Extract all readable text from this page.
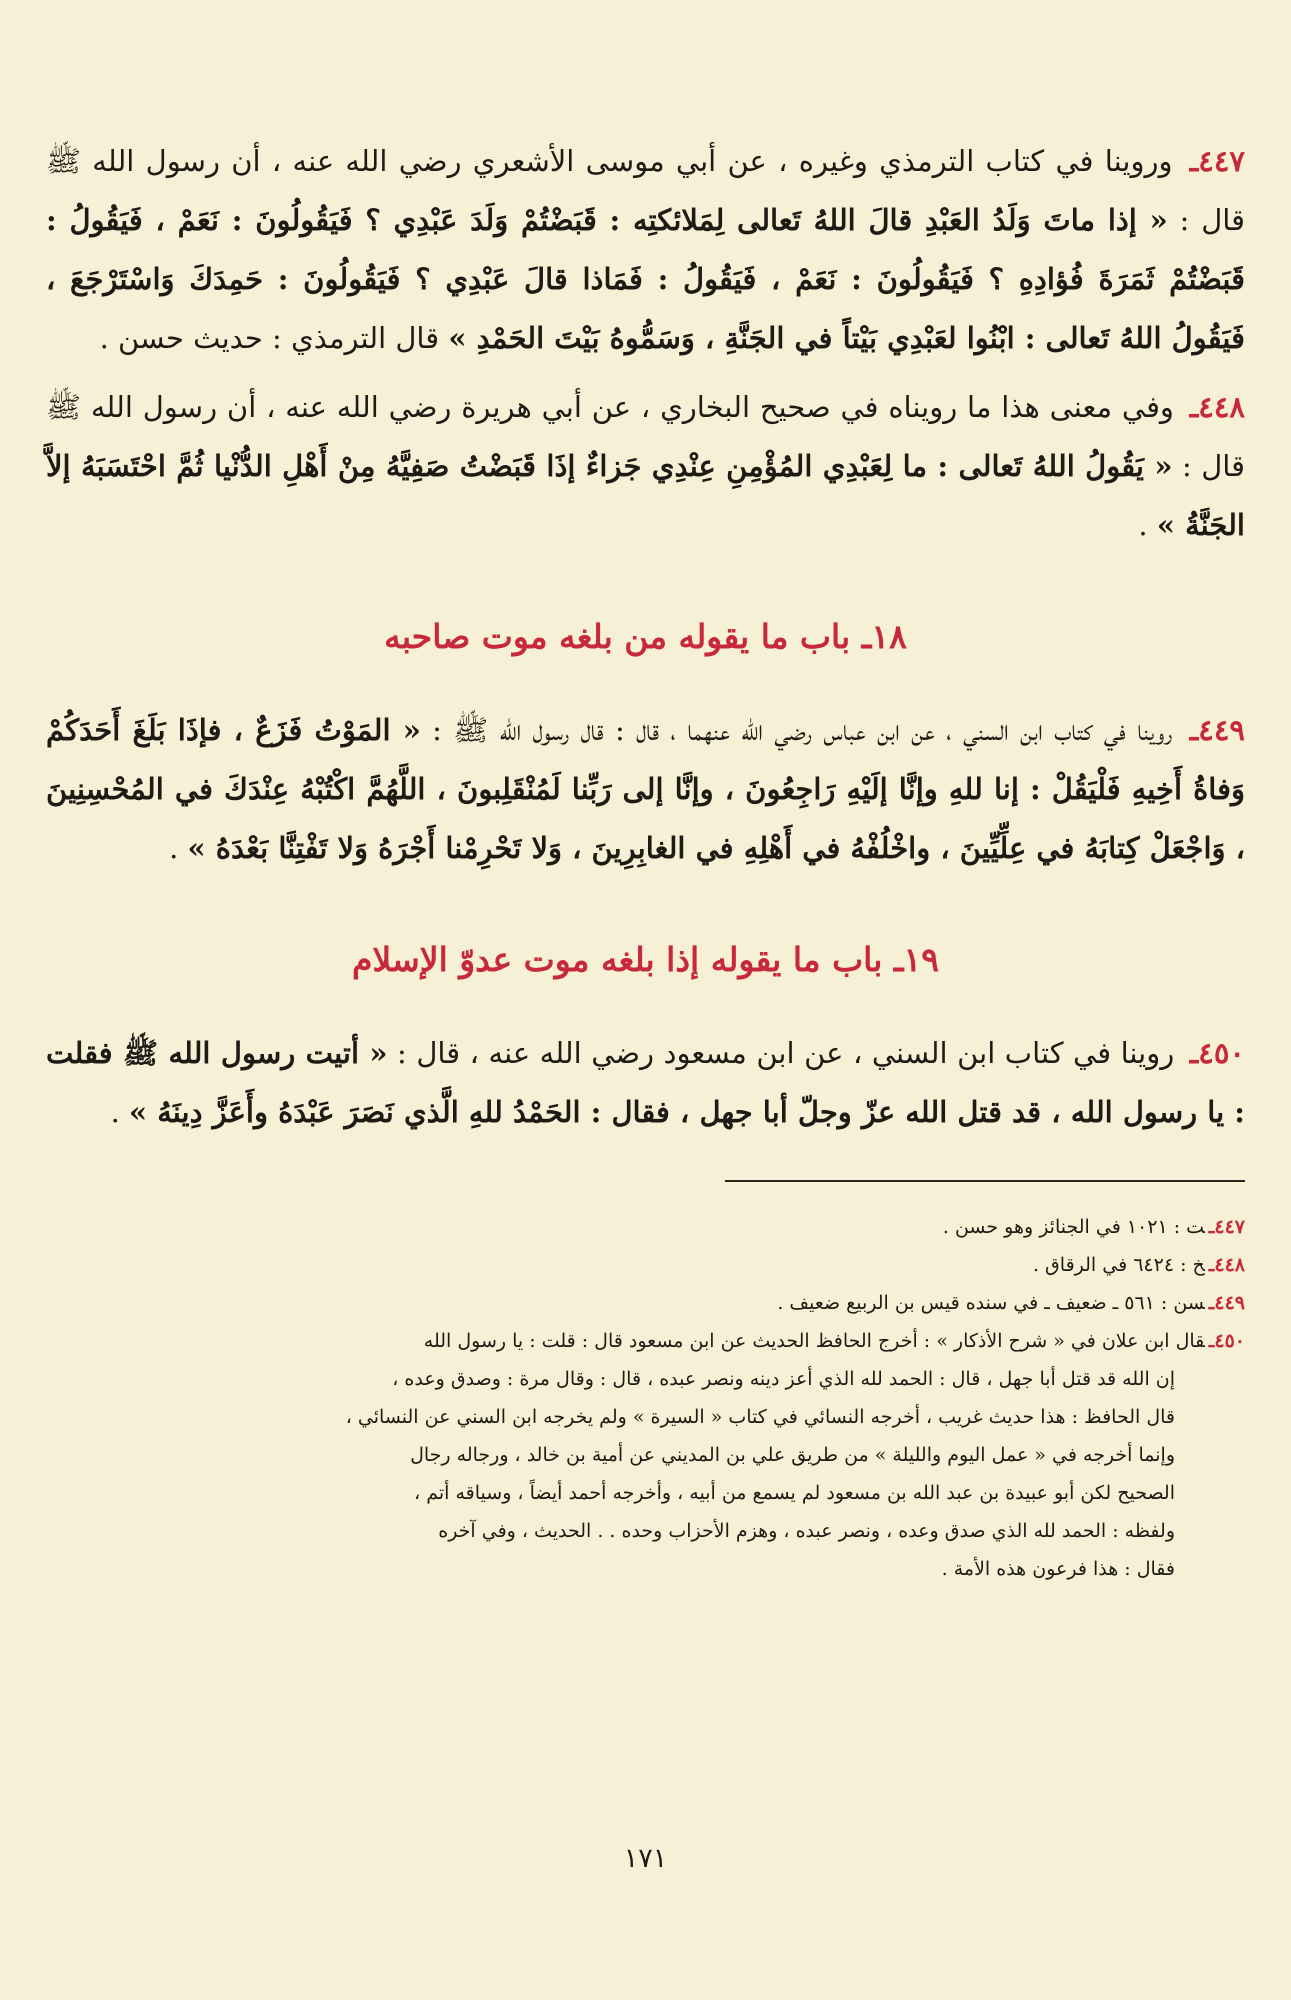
٤٤٧ـ وروينا في كتاب الترمذي وغيره ، عن أبي موسى الأشعري رضي الله عنه ، أن رسول الله ﷺ قال : « إذا ماتَ وَلَدُ العَبْدِ قالَ اللهُ تَعالى لِمَلائكتِه : قَبَضْتُمْ وَلَدَ عَبْدِي ؟ فَيَقُولُونَ : نَعَمْ ، فَيَقُولُ : قَبَضْتُمْ ثَمَرَةَ فُؤادِهِ ؟ فَيَقُولُونَ : نَعَمْ ، فَيَقُولُ : فَمَاذا قالَ عَبْدِي ؟ فَيَقُولُونَ : حَمِدَكَ وَاسْتَرْجَعَ ، فَيَقُولُ اللهُ تَعالى : ابْنُوا لعَبْدِي بَيْتاً في الجَنَّةِ ، وَسَمُّوهُ بَيْتَ الحَمْدِ » قال الترمذي : حديث حسن .

٤٤٨ـ وفي معنى هذا ما رويناه في صحيح البخاري ، عن أبي هريرة رضي الله عنه ، أن رسول الله ﷺ قال : « يَقُولُ اللهُ تَعالى : ما لِعَبْدِي المُؤْمِنِ عِنْدِي جَزاءٌ إذَا قَبَضْتُ صَفِيَّهُ مِنْ أَهْلِ الدُّنْيا ثُمَّ احْتَسَبَهُ إلاَّ الجَنَّةُ » .

١٨ـ باب ما يقوله من بلغه موت صاحبه

٤٤٩ـ روينا في كتاب ابن السني ، عن ابن عباس رضي الله عنهما ، قال : قال رسول الله ﷺ : « المَوْتُ فَزَعٌ ، فإذَا بَلَغَ أَحَدَكُمْ وَفاةُ أَخِيهِ فَلْيَقُلْ : إنا للهِ وإنَّا إلَيْهِ رَاجِعُونَ ، وإنَّا إلى رَبِّنا لَمُنْقَلِبونَ ، اللَّهُمَّ اكْتُبْهُ عِنْدَكَ في المُحْسِنِينَ ، وَاجْعَلْ كِتابَهُ في عِلِّيِّينَ ، واخْلُفْهُ في أَهْلِهِ في الغابِرِينَ ، وَلا تَحْرِمْنا أَجْرَهُ وَلا تَفْتِنَّا بَعْدَهُ » .

١٩ـ باب ما يقوله إذا بلغه موت عدوّ الإسلام

٤٥٠ـ روينا في كتاب ابن السني ، عن ابن مسعود رضي الله عنه ، قال : « أتيت رسول الله ﷺ فقلت : يا رسول الله ، قد قتل الله عزّ وجلّ أبا جهل ، فقال : الحَمْدُ للهِ الَّذي نَصَرَ عَبْدَهُ وأَعَزَّ دِينَهُ » .

٤٤٧ـت : ١٠٢١ في الجنائز وهو حسن .

٤٤٨ـخ : ٦٤٢٤ في الرقاق .

٤٤٩ـسن : ٥٦١ ـ ضعيف ـ في سنده قيس بن الربيع ضعيف .

٤٥٠ـقال ابن علان في « شرح الأذكار » : أخرج الحافظ الحديث عن ابن مسعود قال : قلت : يا رسول الله

إن الله قد قتل أبا جهل ، قال : الحمد لله الذي أعز دينه ونصر عبده ، قال : وقال مرة : وصدق وعده ،

قال الحافظ : هذا حديث غريب ، أخرجه النسائي في كتاب « السيرة » ولم يخرجه ابن السني عن النسائي ،

وإنما أخرجه في « عمل اليوم والليلة » من طريق علي بن المديني عن أمية بن خالد ، ورجاله رجال

الصحيح لكن أبو عبيدة بن عبد الله بن مسعود لم يسمع من أبيه ، وأخرجه أحمد أيضاً ، وسياقه أتم ،

ولفظه : الحمد لله الذي صدق وعده ، ونصر عبده ، وهزم الأحزاب وحده . . الحديث ، وفي آخره

فقال : هذا فرعون هذه الأمة .

١٧١
